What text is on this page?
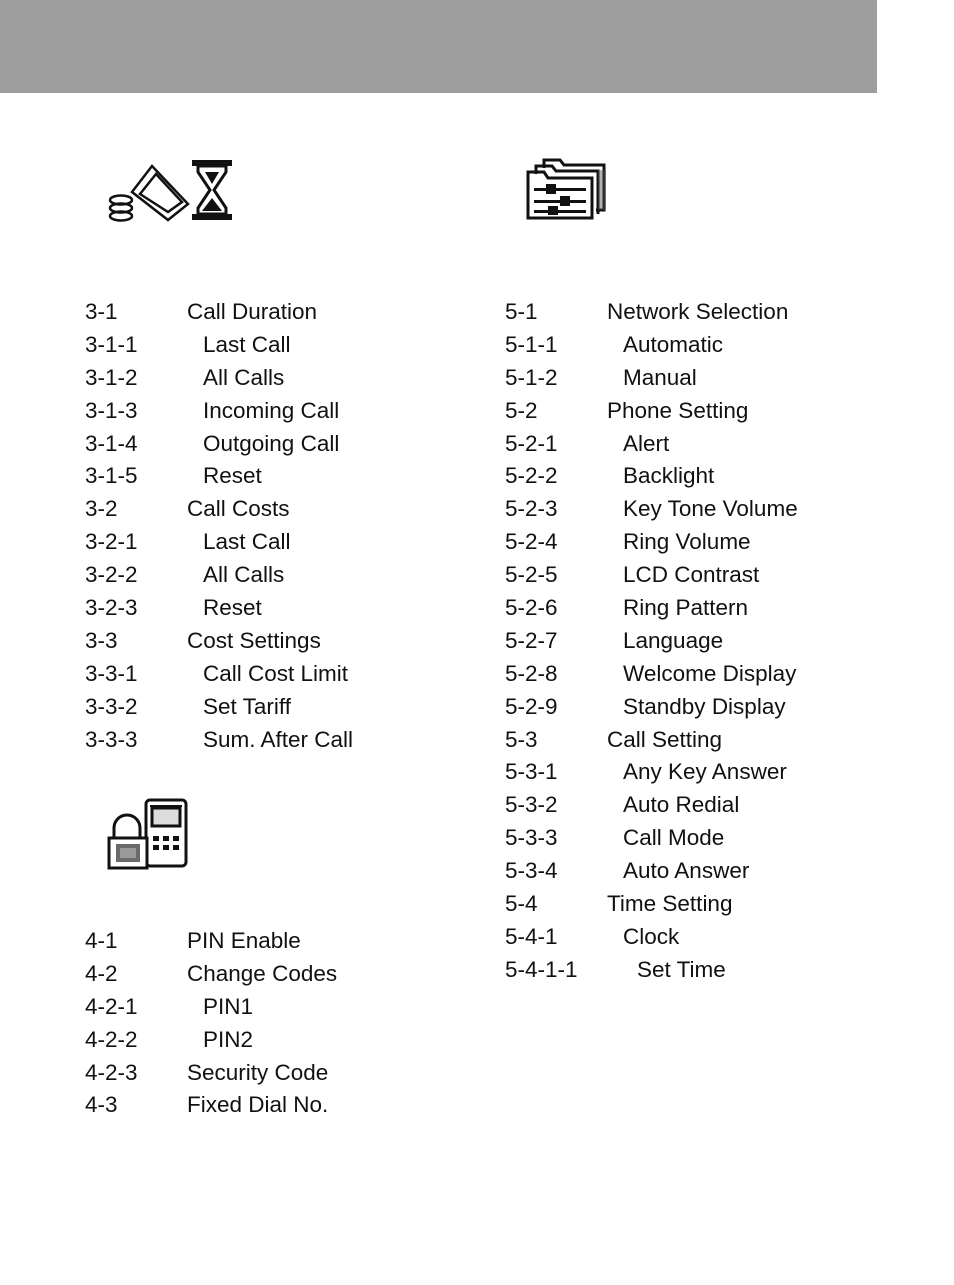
3-1	Call Duration
3-1-1	Last Call
3-1-2	All Calls
3-1-3	Incoming Call
3-1-4	Outgoing Call
3-1-5	Reset
3-2	Call Costs
3-2-1	Last Call
3-2-2	All Calls
3-2-3	Reset
3-3	Cost Settings
3-3-1	Call Cost Limit
3-3-2	Set Tariff
3-3-3	Sum. After Call
4-1	PIN Enable
4-2	Change Codes
4-2-1	PIN1
4-2-2	PIN2
4-2-3 Security Code
4-3	Fixed Dial No.
5-1	Network Selection
5-1-1	Automatic
5-1-2	Manual
5-2	Phone Setting
5-2-1	Alert
5-2-2	Backlight
5-2-3	Key Tone Volume
5-2-4	Ring Volume
5-2-5	LCD Contrast
5-2-6	Ring Pattern
5-2-7	Language
5-2-8	Welcome Display
5-2-9	Standby Display
5-3	Call Setting
5-3-1	Any Key Answer
5-3-2	Auto Redial
5-3-3	Call Mode
5-3-4	Auto Answer
5-4	Time Setting
5-4-1	Clock
5-4-1-1	Set Time
